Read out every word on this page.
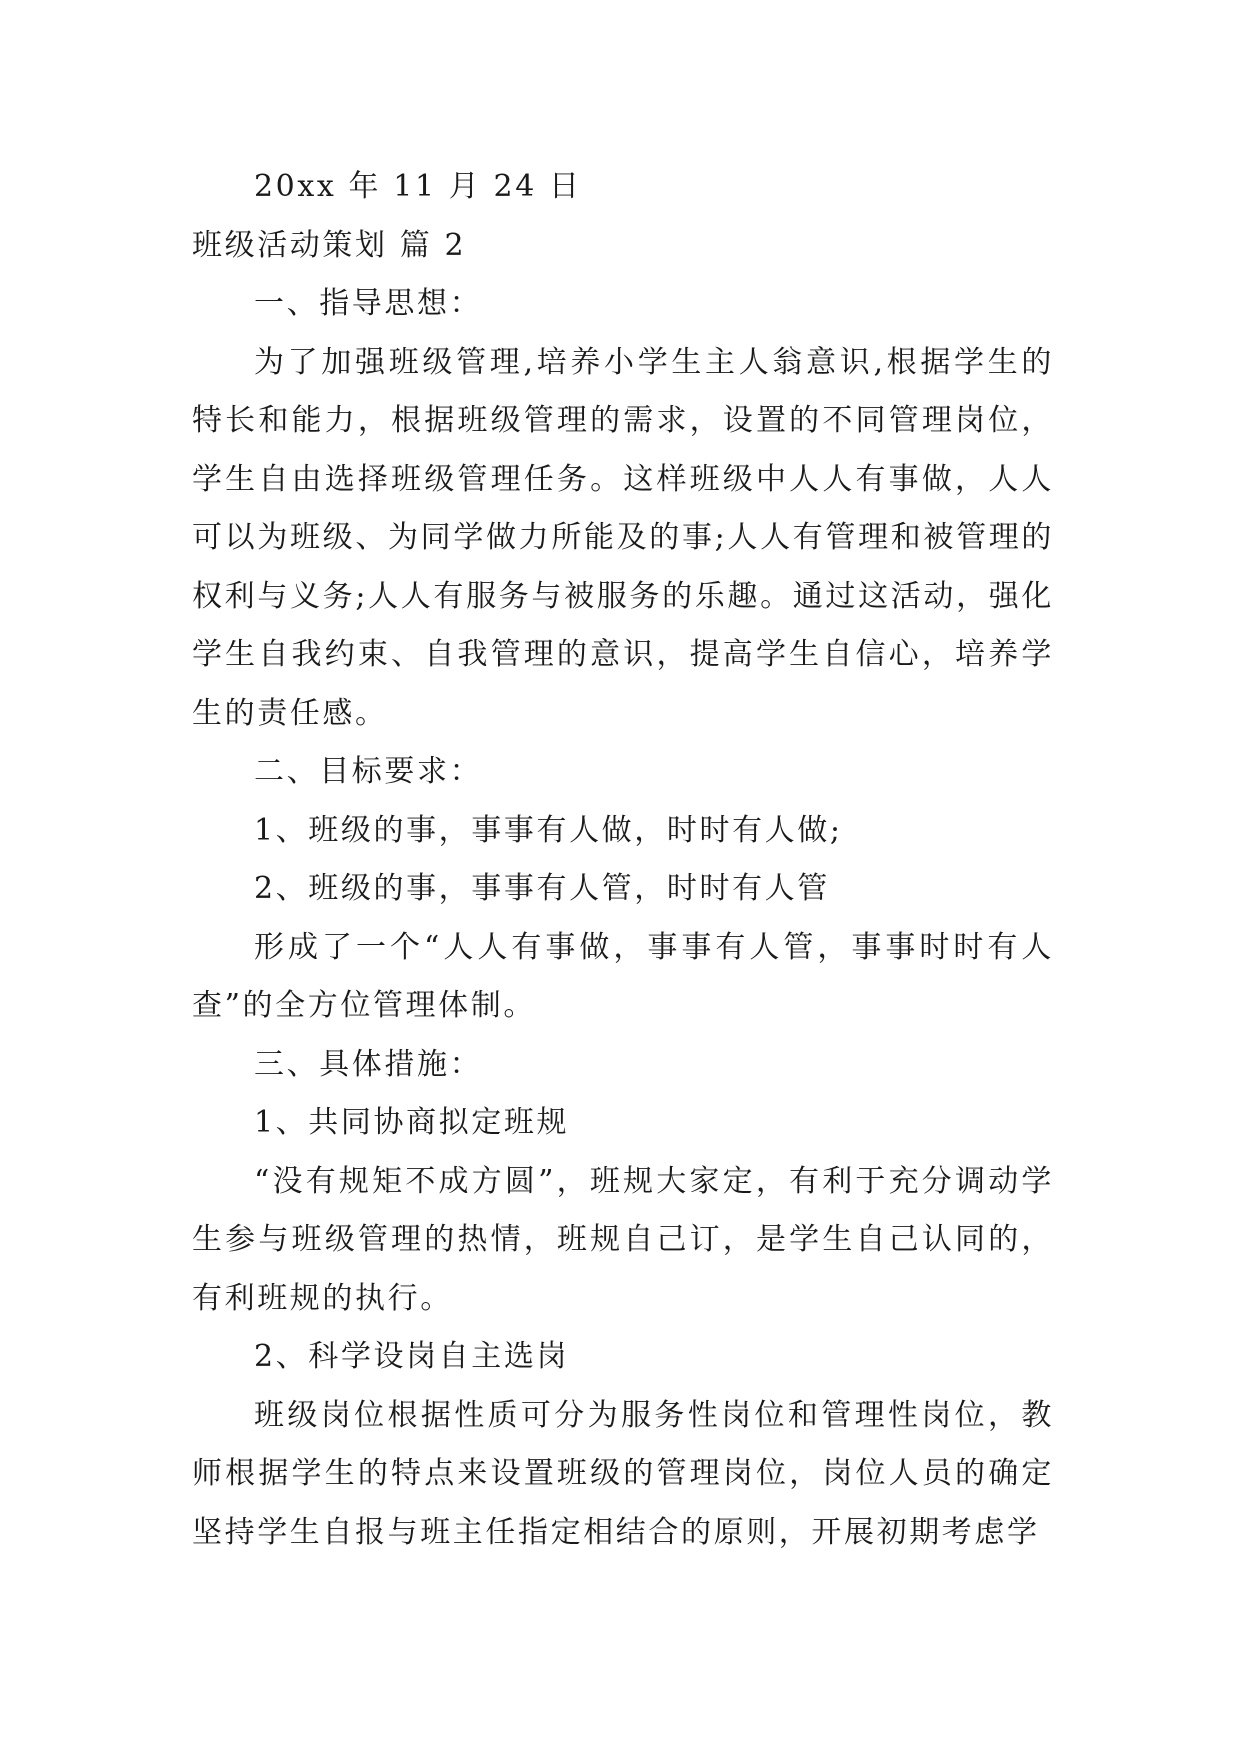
20xx 年 11 月 24 日

班级活动策划 篇 2

一、指导思想：

为了加强班级管理,培养小学生主人翁意识,根据学生的特长和能力，根据班级管理的需求，设置的不同管理岗位，学生自由选择班级管理任务。这样班级中人人有事做，人人可以为班级、为同学做力所能及的事;人人有管理和被管理的权利与义务;人人有服务与被服务的乐趣。通过这活动，强化学生自我约束、自我管理的意识，提高学生自信心，培养学生的责任感。

二、目标要求：

1、班级的事，事事有人做，时时有人做;

2、班级的事，事事有人管，时时有人管

形成了一个“人人有事做，事事有人管，事事时时有人查”的全方位管理体制。

三、具体措施：

1、共同协商拟定班规

“没有规矩不成方圆”，班规大家定，有利于充分调动学生参与班级管理的热情，班规自己订，是学生自己认同的，有利班规的执行。

2、科学设岗自主选岗

班级岗位根据性质可分为服务性岗位和管理性岗位，教师根据学生的特点来设置班级的管理岗位，岗位人员的确定坚持学生自报与班主任指定相结合的原则，开展初期考虑学
